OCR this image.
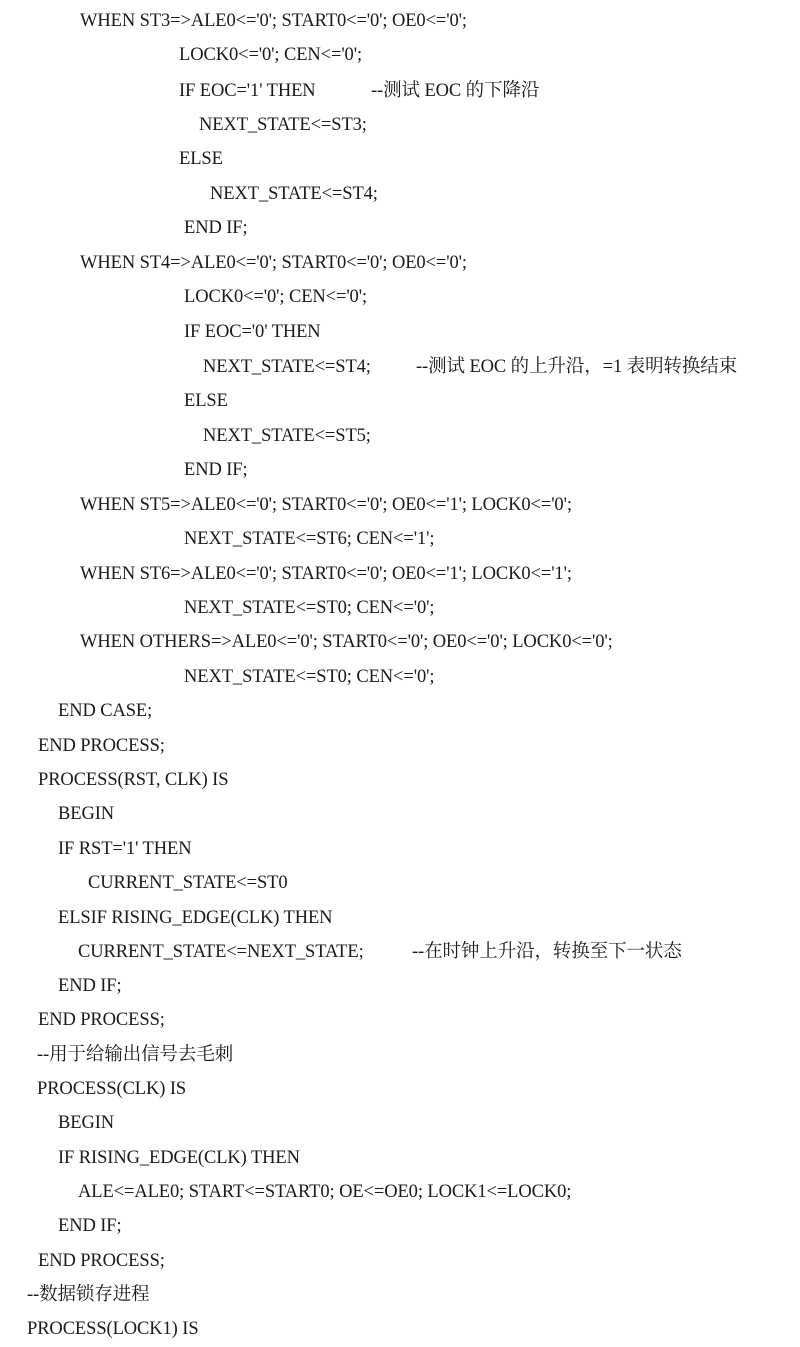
WHEN ST3=>ALE0<='0'; START0<='0'; OE0<='0';
LOCK0<='0'; CEN<='0';
IF EOC='1' THEN	--测试 EOC 的下降沿
NEXT_STATE<=ST3;
ELSE
NEXT_STATE<=ST4;
END IF;
WHEN ST4=>ALE0<='0'; START0<='0'; OE0<='0';
LOCK0<='0'; CEN<='0';
IF EOC='0' THEN
NEXT_STATE<=ST4; --测试 EOC 的上升沿，=1 表明转换结束
ELSE
NEXT_STATE<=ST5;
END IF;
WHEN ST5=>ALE0<='0'; START0<='0'; OE0<='1'; LOCK0<='0';
NEXT_STATE<=ST6; CEN<='1';
WHEN ST6=>ALE0<='0'; START0<='0'; OE0<='1'; LOCK0<='1';
NEXT_STATE<=ST0; CEN<='0';
WHEN OTHERS=>ALE0<='0'; START0<='0'; OE0<='0'; LOCK0<='0';
NEXT_STATE<=ST0; CEN<='0';
END CASE;
END PROCESS;
PROCESS(RST, CLK) IS
BEGIN
IF RST='1' THEN
CURRENT_STATE<=ST0
ELSIF RISING_EDGE(CLK) THEN
CURRENT_STATE<=NEXT_STATE;	--在时钟上升沿，转换至下一状态
END IF;
END PROCESS;
--用于给输出信号去毛刺
PROCESS(CLK) IS
BEGIN
IF RISING_EDGE(CLK) THEN
ALE<=ALE0; START<=START0; OE<=OE0; LOCK1<=LOCK0;
END IF;
END PROCESS;
--数据锁存进程
PROCESS(LOCK1) IS
